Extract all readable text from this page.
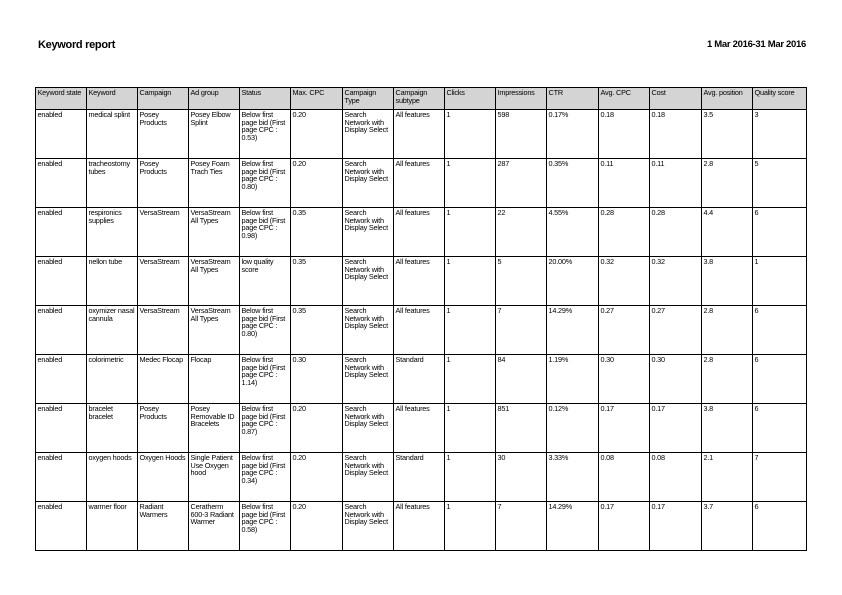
Keyword report	1 Mar 2016-31 Mar 2016
Keyword state	Keyword	Campaign	Ad group	Status	Max. CPC	Campaign Type	Campaign subtype	Clicks	Impressions	CTR	Avg. CPC	Cost	Avg. position	Quality score
enabled	medical splint	Posey Products	Posey Elbow Splint	Below first page bid (First page CPC : 0.53)	0.20	Search Network with Display Select	All features	1	598	0.17%	0.18	0.18	3.5	3
enabled	tracheostomy tubes	Posey Products	Posey Foam Trach Ties	Below first page bid (First page CPC : 0.80)	0.20	Search Network with Display Select	All features	1	287	0.35%	0.11	0.11	2.8	5
enabled	respironics supplies	VersaStream	VersaStream All Types	Below first page bid (First page CPC : 0.98)	0.35	Search Network with Display Select	All features	1	22	4.55%	0.28	0.28	4.4	6
enabled	nellon tube	VersaStream	VersaStream All Types	low quality score	0.35	Search Network with Display Select	All features	1	5	20.00%	0.32	0.32	3.8	1
enabled	oxymizer nasal cannula	VersaStream	VersaStream All Types	Below first page bid (First page CPC : 0.80)	0.35	Search Network with Display Select	All features	1	7	14.29%	0.27	0.27	2.8	6
enabled	colorimetric	Medec Flocap	Flocap	Below first page bid (First page CPC : 1.14)	0.30	Search Network with Display Select	Standard	1	84	1.19%	0.30	0.30	2.8	6
enabled	bracelet bracelet	Posey Products	Posey Removable ID Bracelets	Below first page bid (First page CPC : 0.87)	0.20	Search Network with Display Select	All features	1	851	0.12%	0.17	0.17	3.8	6
enabled	oxygen hoods	Oxygen Hoods	Single Patient Use Oxygen hood	Below first page bid (First page CPC : 0.34)	0.20	Search Network with Display Select	Standard	1	30	3.33%	0.08	0.08	2.1	7
enabled	warmer floor	Radiant Warmers	Ceratherm 600-3 Radiant Warmer	Below first page bid (First page CPC : 0.58)	0.20	Search Network with Display Select	All features	1	7	14.29%	0.17	0.17	3.7	6
